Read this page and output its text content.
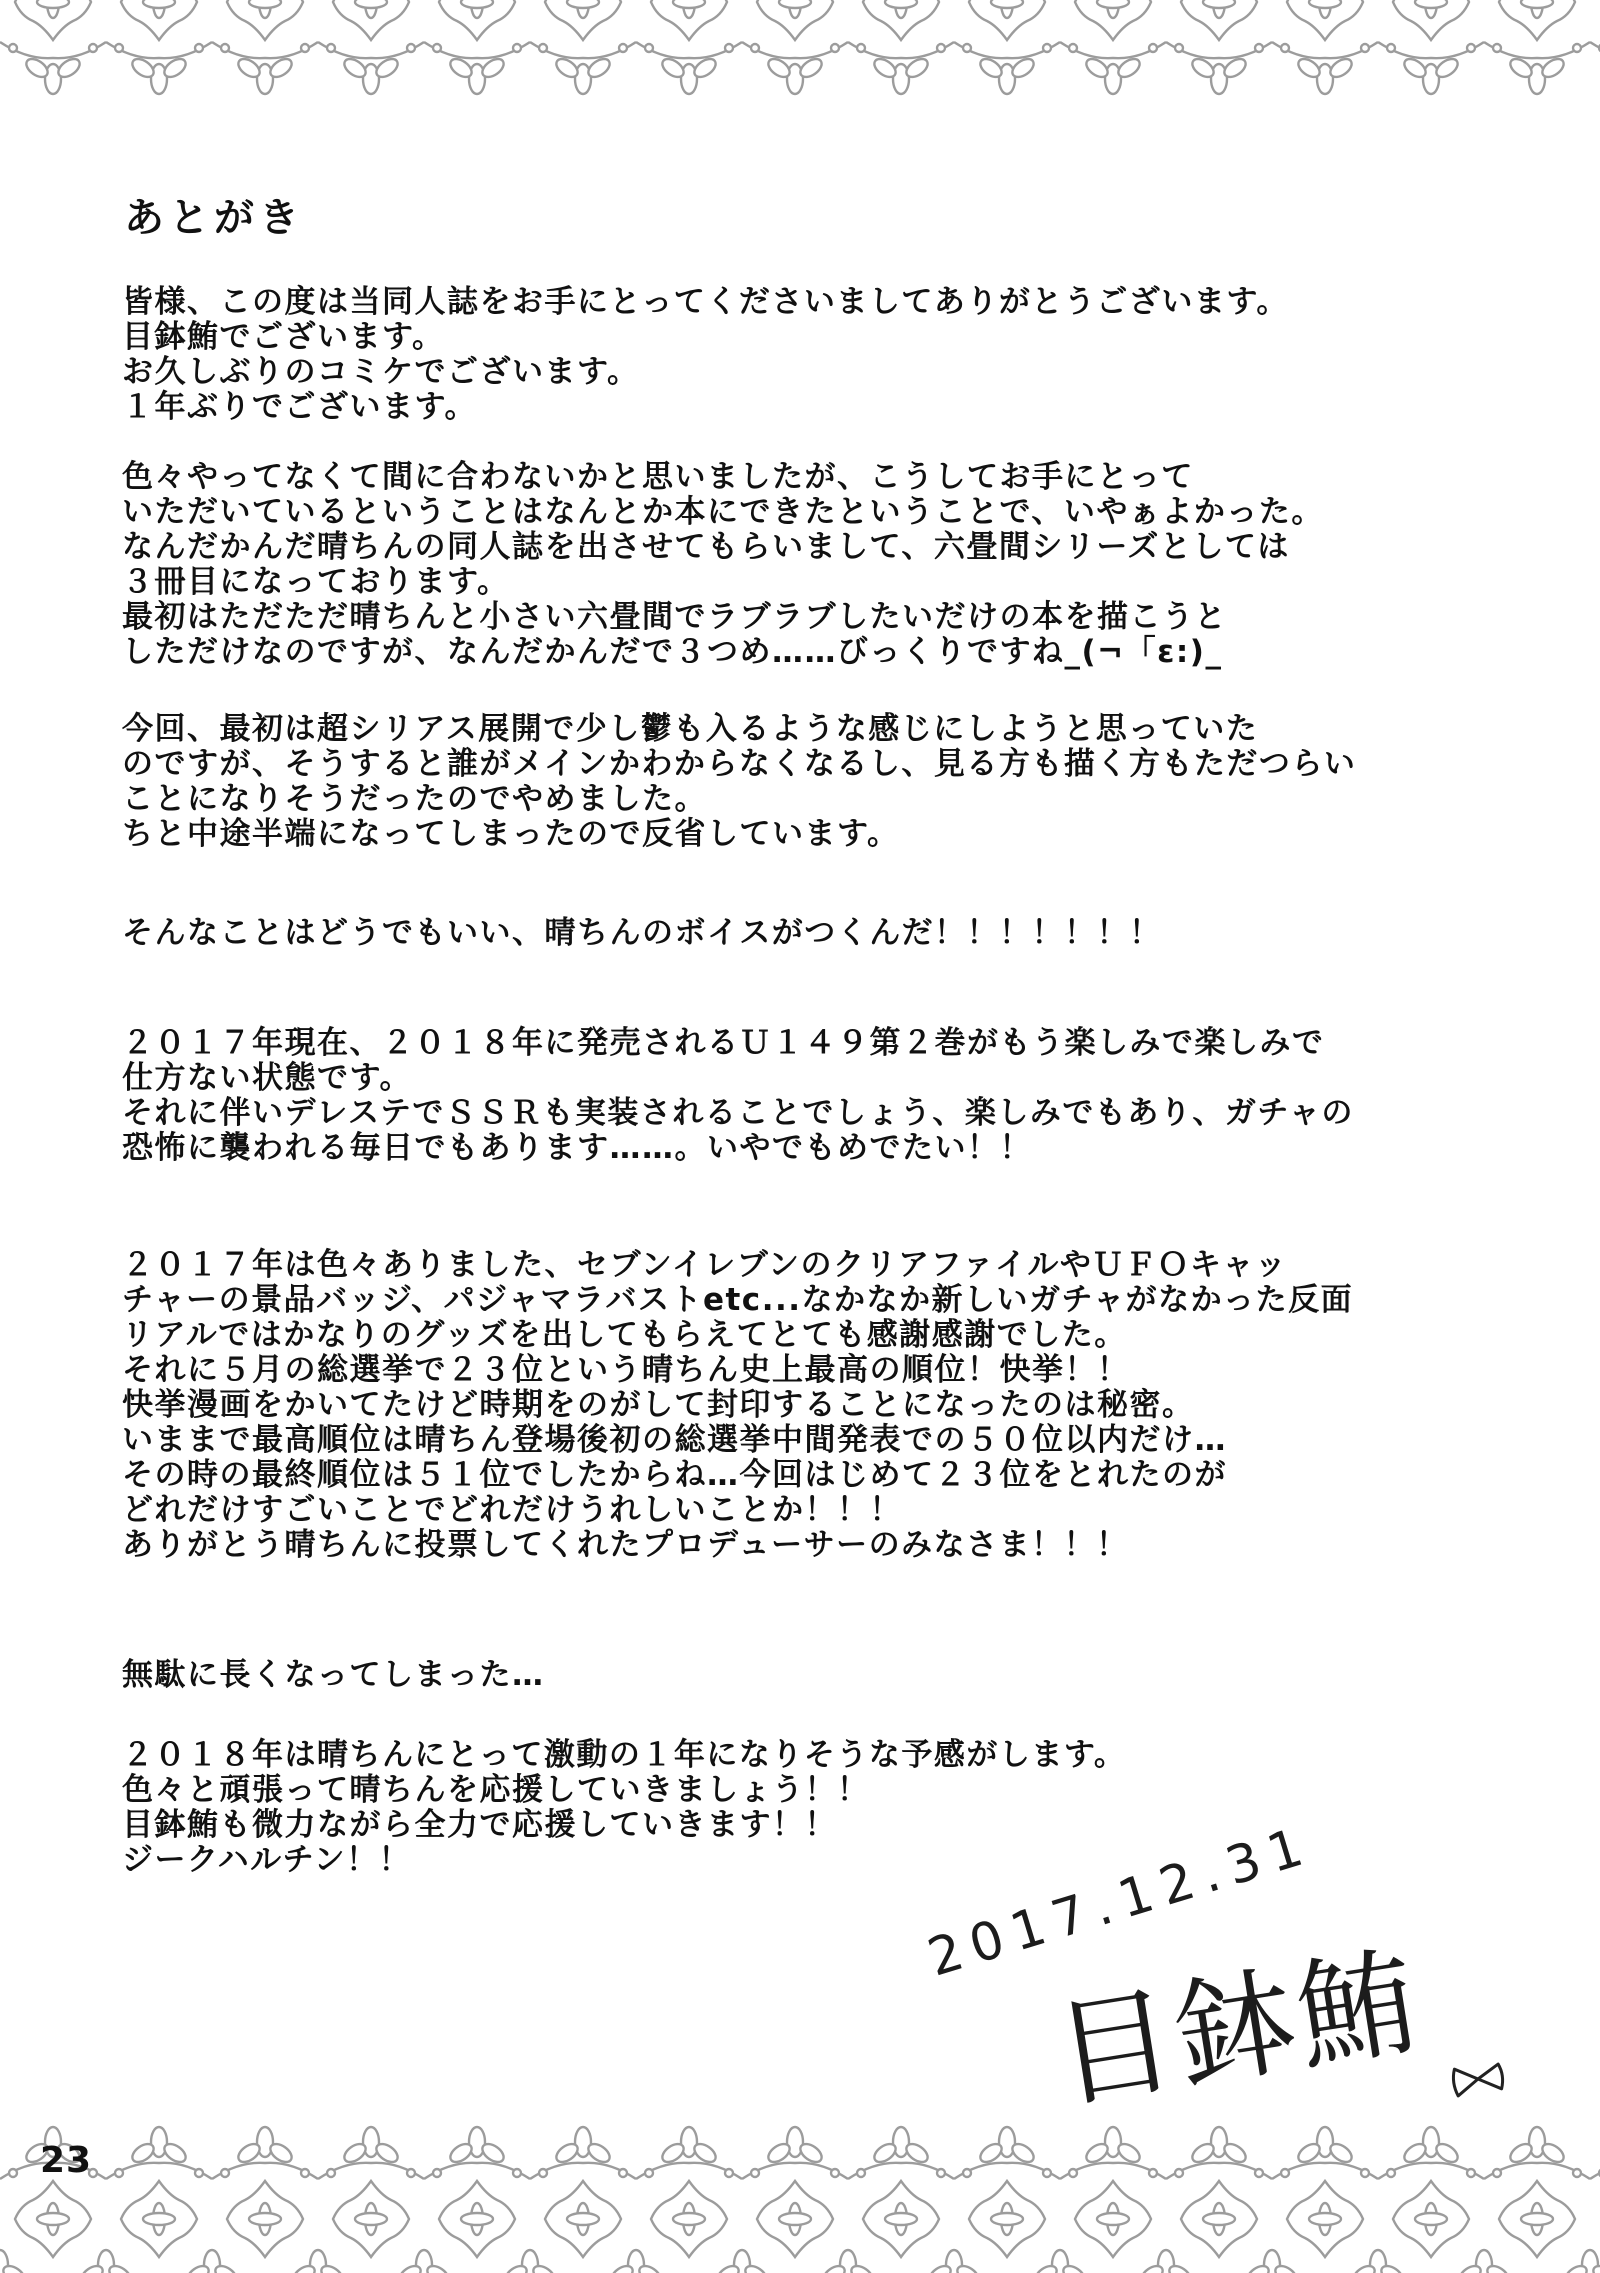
あとがき
皆様、この度は当同人誌をお手にとってくださいましてありがとうございます。
目鉢鮪でございます。
お久しぶりのコミケでございます。
１年ぶりでございます。
色々やってなくて間に合わないかと思いましたが、こうしてお手にとって
いただいているということはなんとか本にできたということで、いやぁよかった。
なんだかんだ晴ちんの同人誌を出させてもらいまして、六畳間シリーズとしては
３冊目になっております。
最初はただただ晴ちんと小さい六畳間でラブラブしたいだけの本を描こうと
しただけなのですが、なんだかんだで３つめ……びっくりですね_(¬「ε:)_
今回、最初は超シリアス展開で少し鬱も入るような感じにしようと思っていた
のですが、そうすると誰がメインかわからなくなるし、見る方も描く方もただつらい
ことになりそうだったのでやめました。
ちと中途半端になってしまったので反省しています。
そんなことはどうでもいい、晴ちんのボイスがつくんだ！！！！！！！
２０１７年現在、２０１８年に発売されるＵ１４９第２巻がもう楽しみで楽しみで
仕方ない状態です。
それに伴いデレステでＳＳＲも実装されることでしょう、楽しみでもあり、ガチャの
恐怖に襲われる毎日でもあります……。いやでもめでたい！！
２０１７年は色々ありました、セブンイレブンのクリアファイルやＵＦＯキャッ
チャーの景品バッジ、パジャマラバストetc...なかなか新しいガチャがなかった反面
リアルではかなりのグッズを出してもらえてとても感謝感謝でした。
それに５月の総選挙で２３位という晴ちん史上最高の順位！快挙！！
快挙漫画をかいてたけど時期をのがして封印することになったのは秘密。
いままで最高順位は晴ちん登場後初の総選挙中間発表での５０位以内だけ…
その時の最終順位は５１位でしたからね…今回はじめて２３位をとれたのが
どれだけすごいことでどれだけうれしいことか！！！
ありがとう晴ちんに投票してくれたプロデューサーのみなさま！！！
無駄に長くなってしまった…
２０１８年は晴ちんにとって激動の１年になりそうな予感がします。
色々と頑張って晴ちんを応援していきましょう！！
目鉢鮪も微力ながら全力で応援していきます！！
ジークハルチン！！	2017.12.31
目鉢鮪
23
